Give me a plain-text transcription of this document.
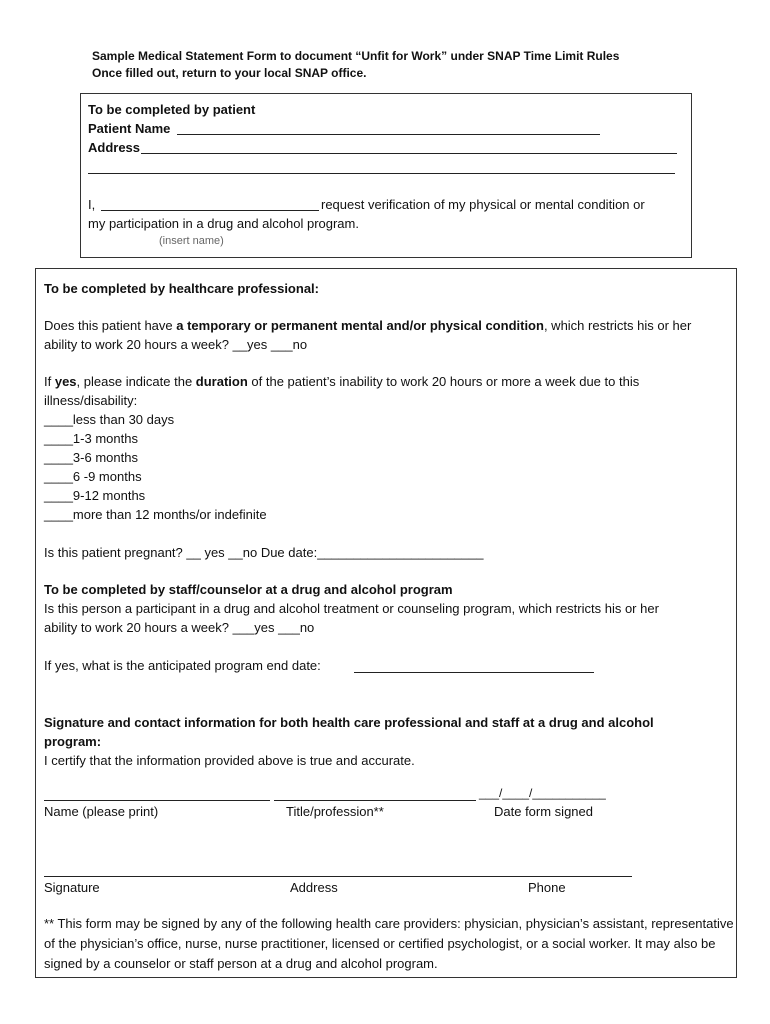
Sample Medical Statement Form to document “Unfit for Work” under SNAP Time Limit Rules
Once filled out, return to your local SNAP office.
To be completed by patient
Patient Name
Address
I,	request verification of my physical or mental condition or
my participation in a drug and alcohol program.
(insert name)
To be completed by healthcare professional:
Does this patient have a temporary or permanent mental and/or physical condition, which restricts his or her
ability to work 20 hours a week? __yes ___no
If yes, please indicate the duration of the patient’s inability to work 20 hours or more a week due to this
illness/disability:
____less than 30 days
____1-3 months
____3-6 months
____6 -9 months
____9-12 months
____more than 12 months/or indefinite
Is this patient pregnant? __ yes __no Due date:_______________________
To be completed by staff/counselor at a drug and alcohol program
Is this person a participant in a drug and alcohol treatment or counseling program, which restricts his or her
ability to work 20 hours a week? ___yes ___no
If yes, what is the anticipated program end date:
Signature and contact information for both health care professional and staff at a drug and alcohol
program:
I certify that the information provided above is true and accurate.
___/____/___________
Name (please print)	Title/profession**	Date form signed
Signature	Address	Phone
** This form may be signed by any of the following health care providers: physician, physician’s assistant, representative of the physician’s office, nurse, nurse practitioner, licensed or certified psychologist, or a social worker. It may also be signed by a counselor or staff person at a drug and alcohol program.
